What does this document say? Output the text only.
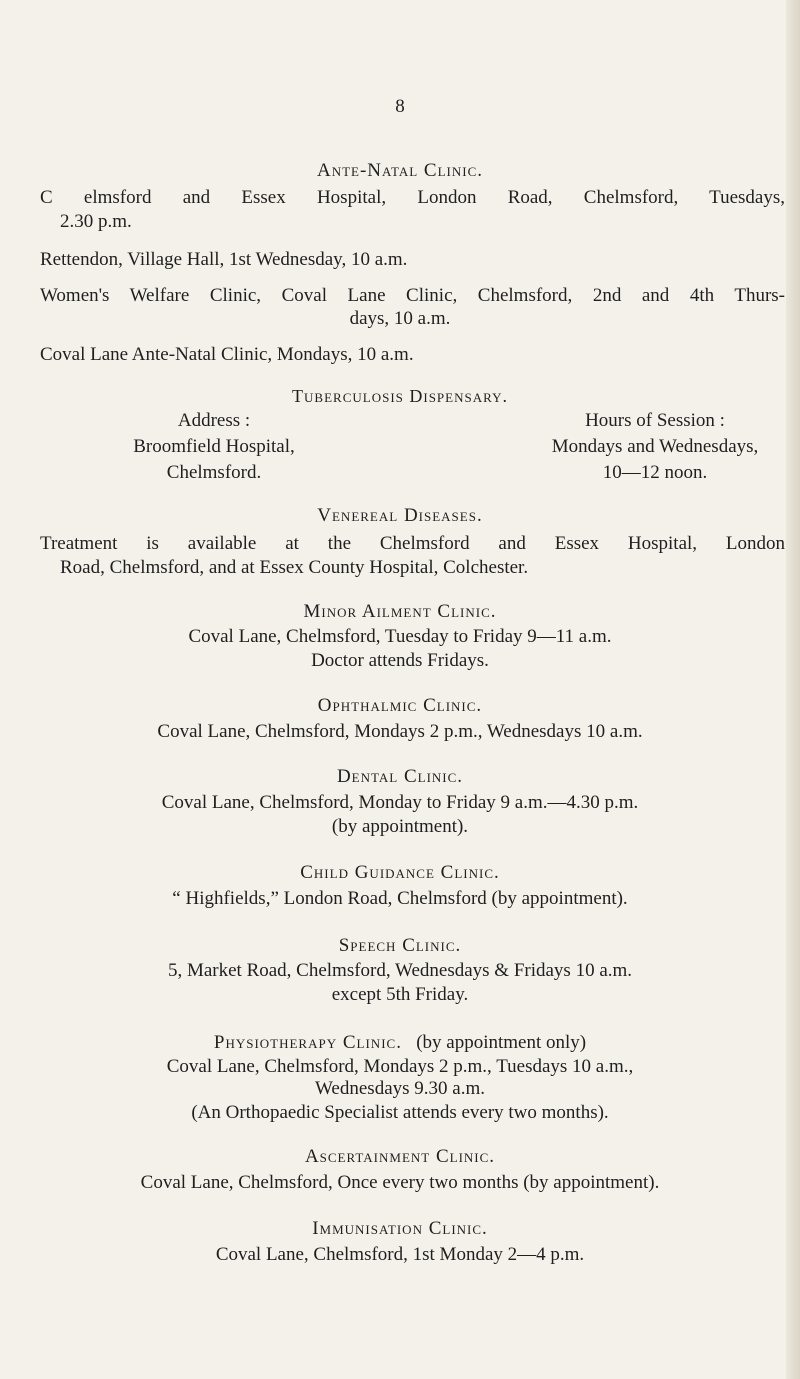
8
Ante-Natal Clinic.
C elmsford and Essex Hospital, London Road, Chelmsford, Tuesdays,
2.30 p.m.
Rettendon, Village Hall, 1st Wednesday, 10 a.m.
Women's Welfare Clinic, Coval Lane Clinic, Chelmsford, 2nd and 4th Thurs-
days, 10 a.m.
Coval Lane Ante-Natal Clinic, Mondays, 10 a.m.
Tuberculosis Dispensary.
Address :
Broomfield Hospital,
Chelmsford.
Hours of Session :
Mondays and Wednesdays,
10—12 noon.
Venereal Diseases.
Treatment is available at the Chelmsford and Essex Hospital, London
Road, Chelmsford, and at Essex County Hospital, Colchester.
Minor Ailment Clinic.
Coval Lane, Chelmsford, Tuesday to Friday 9—11 a.m.
Doctor attends Fridays.
Ophthalmic Clinic.
Coval Lane, Chelmsford, Mondays 2 p.m., Wednesdays 10 a.m.
Dental Clinic.
Coval Lane, Chelmsford, Monday to Friday 9 a.m.—4.30 p.m.
(by appointment).
Child Guidance Clinic.
“ Highfields,” London Road, Chelmsford (by appointment).
Speech Clinic.
5, Market Road, Chelmsford, Wednesdays & Fridays 10 a.m.
except 5th Friday.
Physiotherapy Clinic. (by appointment only)
Coval Lane, Chelmsford, Mondays 2 p.m., Tuesdays 10 a.m.,
Wednesdays 9.30 a.m.
(An Orthopaedic Specialist attends every two months).
Ascertainment Clinic.
Coval Lane, Chelmsford, Once every two months (by appointment).
Immunisation Clinic.
Coval Lane, Chelmsford, 1st Monday 2—4 p.m.
